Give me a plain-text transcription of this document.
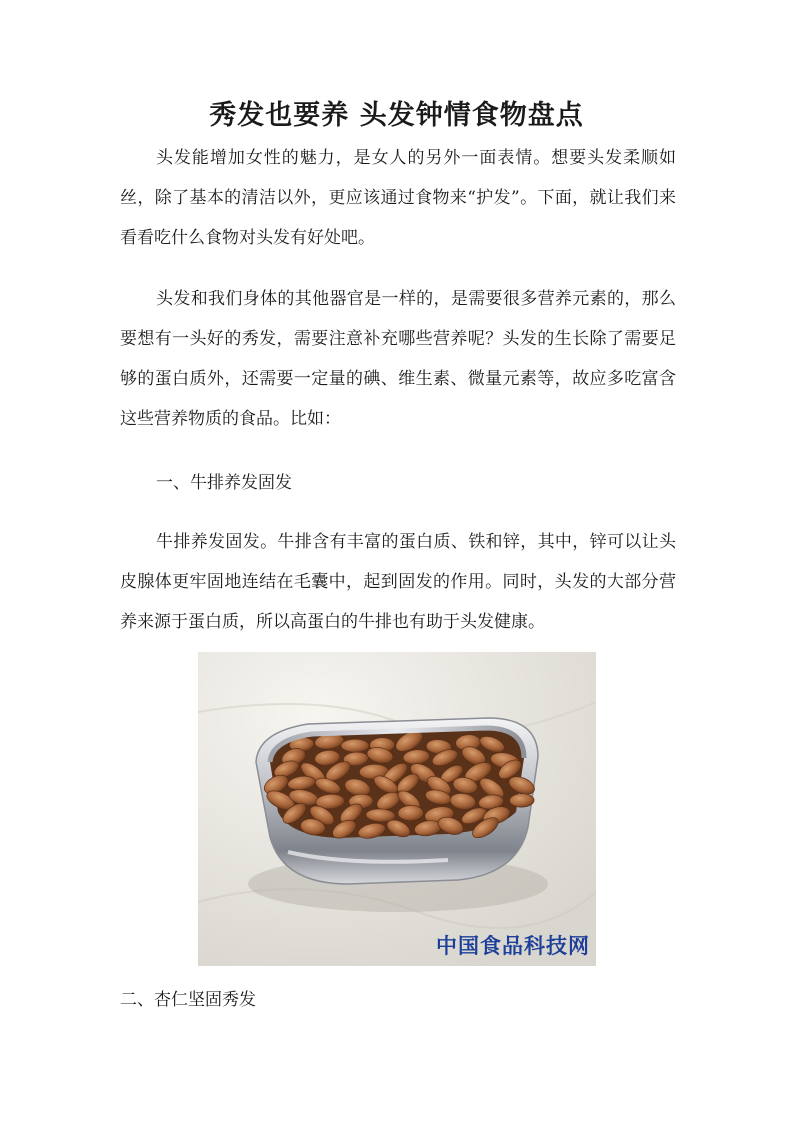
秀发也要养 头发钟情食物盘点

头发能增加女性的魅力，是女人的另外一面表情。想要头发柔顺如丝，除了基本的清洁以外，更应该通过食物来“护发”。下面，就让我们来看看吃什么食物对头发有好处吧。

头发和我们身体的其他器官是一样的，是需要很多营养元素的，那么要想有一头好的秀发，需要注意补充哪些营养呢？头发的生长除了需要足够的蛋白质外，还需要一定量的碘、维生素、微量元素等，故应多吃富含这些营养物质的食品。比如：

一、牛排养发固发

牛排养发固发。牛排含有丰富的蛋白质、铁和锌，其中，锌可以让头皮腺体更牢固地连结在毛囊中，起到固发的作用。同时，头发的大部分营养来源于蛋白质，所以高蛋白的牛排也有助于头发健康。

中国食品科技网

二、杏仁坚固秀发
